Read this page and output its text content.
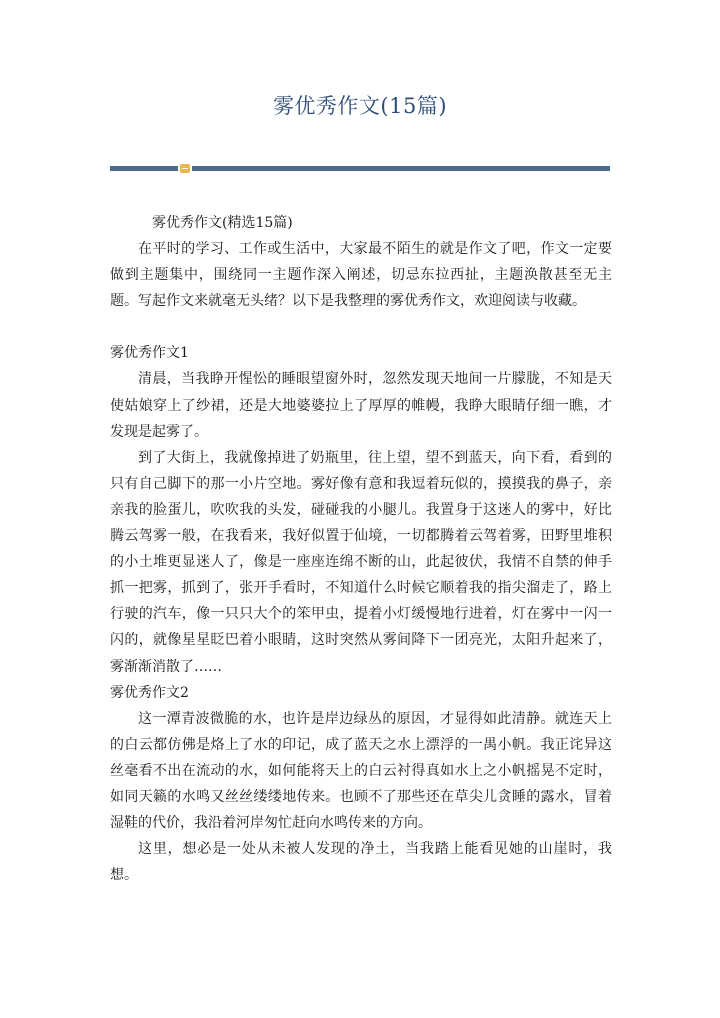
雾优秀作文(15篇)

雾优秀作文(精选15篇)

在平时的学习、工作或生活中，大家最不陌生的就是作文了吧，作文一定要做到主题集中，围绕同一主题作深入阐述，切忌东拉西扯，主题涣散甚至无主题。写起作文来就毫无头绪？以下是我整理的雾优秀作文，欢迎阅读与收藏。

雾优秀作文1

清晨，当我睁开惺忪的睡眼望窗外时，忽然发现天地间一片朦胧，不知是天使姑娘穿上了纱裙，还是大地婆婆拉上了厚厚的帷幔，我睁大眼睛仔细一瞧，才发现是起雾了。

到了大街上，我就像掉进了奶瓶里，往上望，望不到蓝天，向下看，看到的只有自己脚下的那一小片空地。雾好像有意和我逗着玩似的，摸摸我的鼻子，亲亲我的脸蛋儿，吹吹我的头发，碰碰我的小腿儿。我置身于这迷人的雾中，好比腾云驾雾一般，在我看来，我好似置于仙境，一切都腾着云驾着雾，田野里堆积的小土堆更显迷人了，像是一座座连绵不断的山，此起彼伏，我情不自禁的伸手抓一把雾，抓到了，张开手看时，不知道什么时候它顺着我的指尖溜走了，路上行驶的汽车，像一只只大个的笨甲虫，提着小灯缓慢地行进着，灯在雾中一闪一闪的，就像星星眨巴着小眼睛，这时突然从雾间降下一团亮光，太阳升起来了，雾渐渐消散了……

雾优秀作文2

这一潭青波微脆的水，也许是岸边绿丛的原因，才显得如此清静。就连天上的白云都仿佛是烙上了水的印记，成了蓝天之水上漂浮的一禺小帆。我正诧异这丝毫看不出在流动的水，如何能将天上的白云衬得真如水上之小帆摇晃不定时，如同天籁的水鸣又丝丝缕缕地传来。也顾不了那些还在草尖儿贪睡的露水，冒着湿鞋的代价，我沿着河岸匆忙赶向水鸣传来的方向。

这里，想必是一处从未被人发现的净土，当我踏上能看见她的山崖时，我想。
